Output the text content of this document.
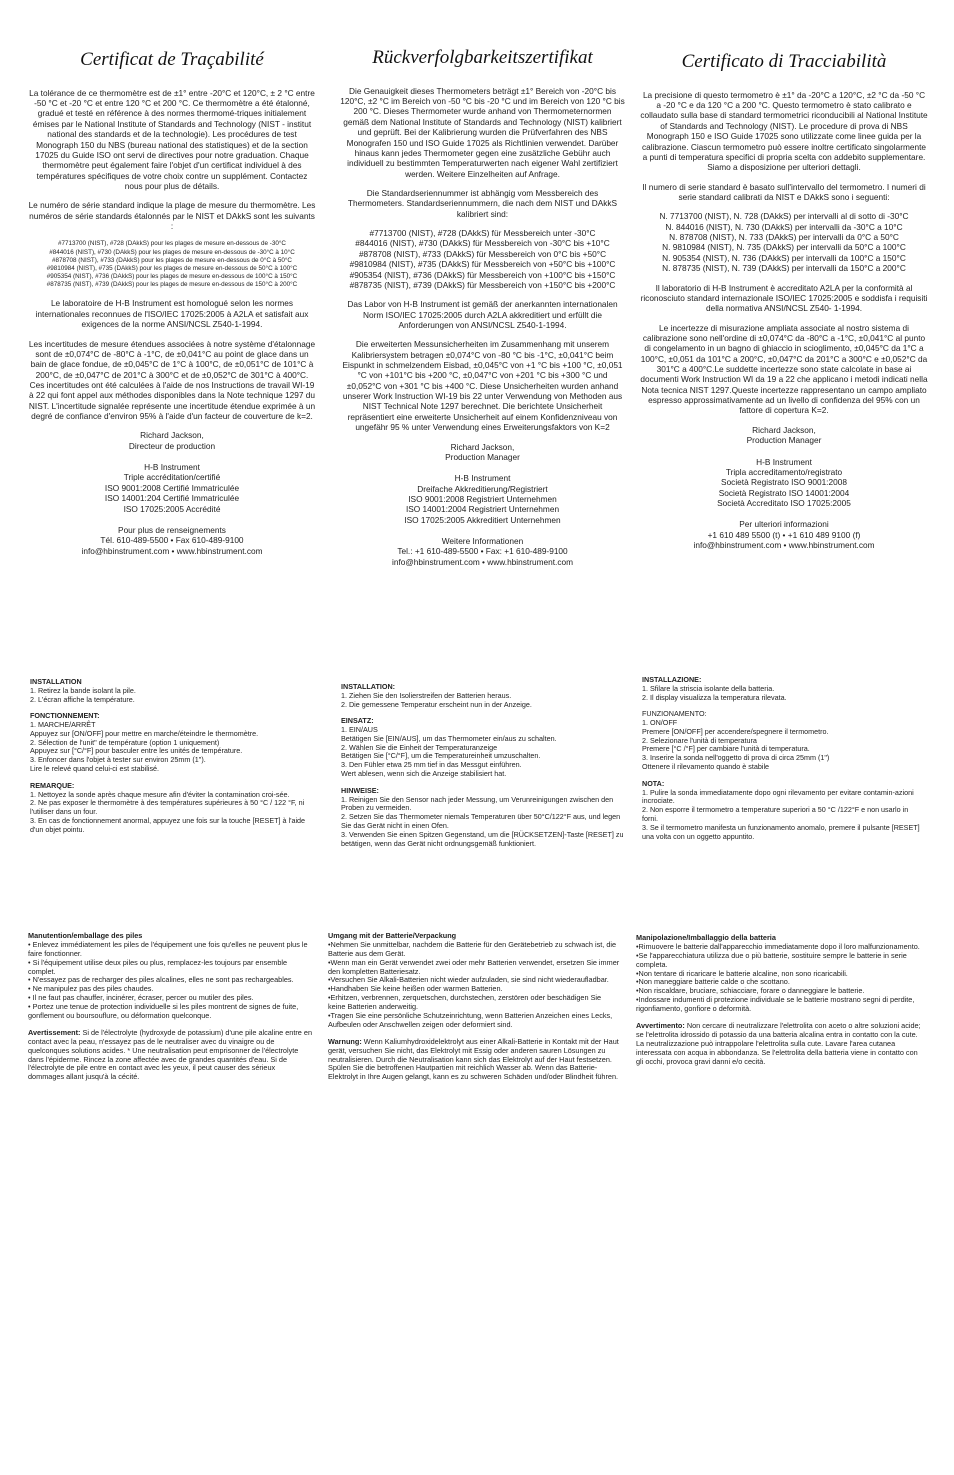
Certificat de Traçabilité

La tolérance de ce thermomètre est de ±1° entre -20°C et 120°C, ± 2 °C entre -50 °C et -20 °C et entre 120 °C et 200 °C. Ce thermomètre a été étalonné, gradué et testé en référence à des normes thermomé-triques initialement émises par le National Institute of Standards and Technology (NIST - institut national des standards et de la technologie). Les procédures de test Monograph 150 du NBS (bureau national des statistiques) et de la section 17025 du Guide ISO ont servi de directives pour notre graduation. Chaque thermomètre peut également faire l'objet d'un certificat individuel à des températures spécifiques de votre choix contre un supplément. Contactez nous pour plus de détails.

Le numéro de série standard indique la plage de mesure du thermomètre. Les numéros de série standards étalonnés par le NIST et DAkkS sont les suivants :

#7713700 (NIST), #728 (DAkkS) pour les plages de mesure en-dessous de -30°C
#844016 (NIST), #730 (DAkkS) pour les plages de mesure en-dessous de -30°C à 10°C
#878708 (NIST), #733 (DAkkS) pour les plages de mesure en-dessous de 0°C à 50°C
#9810984 (NIST), #735 (DAkkS) pour les plages de mesure en-dessous de 50°C à 100°C
#905354 (NIST), #736 (DAkkS) pour les plages de mesure en-dessous de 100°C à 150°C
#878735 (NIST), #739 (DAkkS) pour les plages de mesure en-dessous de 150°C à 200°C

Le laboratoire de H-B Instrument est homologué selon les normes internationales reconnues de l'ISO/IEC 17025:2005 à A2LA et satisfait aux exigences de la norme ANSI/NCSL Z540-1-1994.

Les incertitudes de mesure étendues associées à notre système d'étalonnage sont de ±0,074°C de -80°C à -1°C, de ±0,041°C au point de glace dans un bain de glace fondue, de ±0,045°C de 1°C à 100°C, de ±0,051°C de 101°C à 200°C, de ±0,047°C de 201°C à 300°C et de ±0,052°C de 301°C à 400°C. Ces incertitudes ont été calculées à l'aide de nos Instructions de travail WI-19 à 22 qui font appel aux méthodes disponibles dans la Note technique 1297 du NIST. L'incertitude signalée représente une incertitude étendue exprimée à un degré de confiance d'environ 95% à l'aide d'un facteur de couverture de k=2.

Richard Jackson,
Directeur de production
H-B Instrument
Triple accréditation/certifié
ISO 9001:2008 Certifié Immatriculée
ISO 14001:204 Certifié Immatriculée
ISO 17025:2005 Accrédité
Pour plus de renseignements
Tél. 610-489-5500 • Fax 610-489-9100
info@hbinstrument.com • www.hbinstrument.com
Rückverfolgbarkeitszertifikat

Die Genauigkeit dieses Thermometers beträgt ±1° Bereich von -20°C bis 120°C, ±2 °C im Bereich von -50 °C bis -20 °C und im Bereich von 120 °C bis 200 °C. Dieses Thermometer wurde anhand von Thermometernormen gemäß dem National Institute of Standards and Technology (NIST) kalibriert und geprüft. Bei der Kalibrierung wurden die Prüfverfahren des NBS Monografen 150 und ISO Guide 17025 als Richtlinien verwendet. Darüber hinaus kann jedes Thermometer gegen eine zusätzliche Gebühr auch individuell zu bestimmten Temperaturwerten nach eigener Wahl zertifiziert werden. Weitere Einzelheiten auf Anfrage.

Die Standardseriennummer ist abhängig vom Messbereich des Thermometers. Standardseriennummern, die nach dem NIST und DAkkS kalibriert sind:

#7713700 (NIST), #728 (DAkkS) für Messbereich unter -30°C
#844016 (NIST), #730 (DAkkS) für Messbereich von -30°C bis +10°C
#878708 (NIST), #733 (DAkkS) für Messbereich von 0°C bis +50°C
#9810984 (NIST), #735 (DAkkS) für Messbereich von +50°C bis +100°C
#905354 (NIST), #736 (DAkkS) für Messbereich von +100°C bis +150°C
#878735 (NIST), #739 (DAkkS) für Messbereich von +150°C bis +200°C

Das Labor von H-B Instrument ist gemäß der anerkannten internationalen Norm ISO/IEC 17025:2005 durch A2LA akkreditiert und erfüllt die Anforderungen von ANSI/NCSL Z540-1-1994.

Die erweiterten Messunsicherheiten im Zusammenhang mit unserem Kalibriersystem betragen ±0,074°C von -80 °C bis -1°C, ±0,041°C beim Eispunkt in schmelzendem Eisbad, ±0,045°C von +1 °C bis +100 °C, ±0,051 °C von +101°C bis +200 °C, ±0,047°C von +201 °C bis +300 °C und ±0,052°C von +301 °C bis +400 °C. Diese Unsicherheiten wurden anhand unserer Work Instruction WI-19 bis 22 unter Verwendung von Methoden aus NIST Technical Note 1297 berechnet. Die berichtete Unsicherheit repräsentiert eine erweiterte Unsicherheit auf einem Konfidenzniveau von ungefähr 95 % unter Verwendung eines Erweiterungsfaktors von K=2

Richard Jackson,
Production Manager
H-B Instrument
Dreifache Akkreditierung/Registriert
ISO 9001:2008 Registriert Unternehmen
ISO 14001:2004 Registriert Unternehmen
ISO 17025:2005 Akkreditiert Unternehmen
Weitere Informationen
Tel.: +1 610-489-5500 • Fax: +1 610-489-9100
info@hbinstrument.com • www.hbinstrument.com
Certificato di Tracciabilità

La precisione di questo termometro è ±1° da -20°C a 120°C, ±2 °C da -50 °C a -20 °C e da 120 °C a 200 °C. Questo termometro è stato calibrato e collaudato sulla base di standard termometrici riconducibili al National Institute of Standards and Technology (NIST). Le procedure di prova di NBS Monograph 150 e ISO Guide 17025 sono utilizzate come linee guida per la calibrazione. Ciascun termometro può essere inoltre certificato singolarmente a punti di temperatura specifici di propria scelta con addebito supplementare. Siamo a disposizione per ulteriori dettagli.

Il numero di serie standard è basato sull'intervallo del termometro. I numeri di serie standard calibrati da NIST e DAkkS sono i seguenti:

N. 7713700 (NIST), N. 728 (DAkkS) per intervalli al di sotto di -30°C
N. 844016 (NIST), N. 730 (DAkkS) per intervalli da -30°C a 10°C
N. 878708 (NIST), N. 733 (DAkkS) per intervalli da 0°C a 50°C
N. 9810984 (NIST), N. 735 (DAkkS) per intervalli da 50°C a 100°C
N. 905354 (NIST), N. 736 (DAkkS) per intervalli da 100°C a 150°C
N. 878735 (NIST), N. 739 (DAkkS) per intervalli da 150°C a 200°C

Il laboratorio di H-B Instrument è accreditato A2LA per la conformità al riconosciuto standard internazionale ISO/IEC 17025:2005 e soddisfa i requisiti della normativa ANSI/NCSL Z540- 1-1994.

Le incertezze di misurazione ampliata associate al nostro sistema di calibrazione sono nell'ordine di ±0,074°C da -80°C a -1°C, ±0,041°C al punto di congelamento in un bagno di ghiaccio in scioglimento, ±0,045°C da 1°C a 100°C, ±0,051 da 101°C a 200°C, ±0,047°C da 201°C a 300°C e ±0,052°C da 301°C a 400°C.Le suddette incertezze sono state calcolate in base ai documenti Work Instruction WI da 19 a 22 che applicano i metodi indicati nella Nota tecnica NIST 1297.Queste incertezze rappresentano un campo ampliato espresso approssimativamente ad un livello di confidenza del 95% con un fattore di copertura K=2.

Richard Jackson,
Production Manager
H-B Instrument
Tripla accreditamento/registrato
Società Registrato ISO 9001:2008
Società Registrato ISO 14001:2004
Società Accreditato ISO 17025:2005
Per ulteriori informazioni
+1 610 489 5500 (t) • +1 610 489 9100 (f)
info@hbinstrument.com • www.hbinstrument.com
INSTALLATION
1. Retirez la bande isolant la pile.
2. L'écran affiche la température.
FONCTIONNEMENT:
1. MARCHE/ARRÊT
Appuyez sur [ON/OFF] pour mettre en marche/éteindre le thermomètre.
2. Sélection de l'unit" de température (option 1 uniquement)
Appuyez sur [°C/°F] pour basculer entre les unités de température.
3. Enfoncer dans l'objet à tester sur environ 25mm (1").
Lire le relevé quand celui-ci est stabilisé.
REMARQUE:
1. Nettoyez la sonde après chaque mesure afin d'éviter la contamination croi-sée.
2. Ne pas exposer le thermomètre à des températures supérieures à 50 °C / 122 °F, ni l'utiliser dans un four.
3. En cas de fonctionnement anormal, appuyez une fois sur la touche [RESET] à l'aide d'un objet pointu.
INSTALLATION:
1. Ziehen Sie den Isolierstreifen der Batterien heraus.
2. Die gemessene Temperatur erscheint nun in der Anzeige.
EINSATZ:
1. EIN/AUS
Betätigen Sie [EIN/AUS], um das Thermometer ein/aus zu schalten.
2. Wählen Sie die Einheit der Temperaturanzeige
Betätigen Sie [°C/°F], um die Temperatureinheit umzuschalten.
3. Den Fühler etwa 25 mm tief in das Messgut einführen.
Wert ablesen, wenn sich die Anzeige stabilisiert hat.
HINWEISE:
1. Reinigen Sie den Sensor nach jeder Messung, um Verunreinigungen zwischen den Proben zu vermeiden.
2. Setzen Sie das Thermometer niemals Temperaturen über 50°C/122°F aus, und legen Sie das Gerät nicht in einen Ofen.
3. Verwenden Sie einen Spitzen Gegenstand, um die [RÜCKSETZEN]-Taste [RESET] zu betätigen, wenn das Gerät nicht ordnungsgemäß funktioniert.
INSTALLAZIONE:
1. Sfilare la striscia isolante della batteria.
2. Il display visualizza la temperatura rilevata.
FUNZIONAMENTO:
1. ON/OFF
Premere [ON/OFF] per accendere/spegnere il termometro.
2. Selezionare l'unità di temperatura
Premere [°C /°F] per cambiare l'unità di temperatura.
3. Inserire la sonda nell'oggetto di prova di circa 25mm (1")
Ottenere il rilevamento quando è stabile
NOTA:
1. Pulire la sonda immediatamente dopo ogni rilevamento per evitare contamin-azioni incrociate.
2. Non esporre il termometro a temperature superiori a 50 °C /122°F e non usarlo in forni.
3. Se il termometro manifesta un funzionamento anomalo, premere il pulsante [RESET] una volta con un oggetto appuntito.
Manutention/emballage des piles
• Enlevez immédiatement les piles de l'équipement une fois qu'elles ne peuvent plus le faire fonctionner.
• Si l'équipement utilise deux piles ou plus, remplacez-les toujours par ensemble complet.
• N'essayez pas de recharger des piles alcalines, elles ne sont pas rechargeables.
• Ne manipulez pas des piles chaudes.
• Il ne faut pas chauffer, incinérer, écraser, percer ou mutiler des piles.
• Portez une tenue de protection individuelle si les piles montrent de signes de fuite, gonflement ou boursouflure, ou déformation quelconque.

Avertissement: Si de l'électrolyte (hydroxyde de potassium) d'une pile alcaline entre en contact avec la peau, n'essayez pas de le neutraliser avec du vinaigre ou de quelconques solutions acides. * Une neutralisation peut emprisonner de l'électrolyte dans l'épiderme. Rincez la zone affectée avec de grandes quantités d'eau. Si de l'électrolyte de pile entre en contact avec les yeux, il peut causer des sérieux dommages allant jusqu'à la cécité.

Umgang mit der Batterie/Verpackung
•Nehmen Sie unmittelbar, nachdem die Batterie für den Gerätebetrieb zu schwach ist, die Batterie aus dem Gerät.
•Wenn man ein Gerät verwendet zwei oder mehr Batterien verwendet, ersetzen Sie immer den kompletten Batteriesatz.
•Versuchen Sie Alkali-Batterien nicht wieder aufzuladen, sie sind nicht wiederaufladbar.
•Handhaben Sie keine heißen oder warmen Batterien.
•Erhitzen, verbrennen, zerquetschen, durchstechen, zerstören oder beschädigen Sie keine Batterien anderweitig.
•Tragen Sie eine persönliche Schutzeinrichtung, wenn Batterien Anzeichen eines Lecks, Aufbeulen oder Anschwellen zeigen oder deformiert sind.

Warnung: Wenn Kaliumhydroxidelektrolyt aus einer Alkali-Batterie in Kontakt mit der Haut gerät, versuchen Sie nicht, das Elektrolyt mit Essig oder anderen sauren Lösungen zu neutralisieren. Durch die Neutralisation kann sich das Elektrolyt auf der Haut festsetzen. Spülen Sie die betroffenen Hautpartien mit reichlich Wasser ab. Wenn das Batterie-Elektrolyt in Ihre Augen gelangt, kann es zu schweren Schäden und/oder Blindheit führen.

Manipolazione/Imballaggio della batteria
•Rimuovere le batterie dall'apparecchio immediatamente dopo il loro malfunzionamento.
•Se l'apparecchiatura utilizza due o più batterie, sostituire sempre le batterie in serie completa.
•Non tentare di ricaricare le batterie alcaline, non sono ricaricabili.
•Non maneggiare batterie calde o che scottano.
•Non riscaldare, bruciare, schiacciare, forare o danneggiare le batterie.
•Indossare indumenti di protezione individuale se le batterie mostrano segni di perdite, rigonfiamento, gonfiore o deformità.

Avvertimento: Non cercare di neutralizzare l'elettrolita con aceto o altre soluzioni acide; se l'elettrolita idrossido di potassio da una batteria alcalina entra in contatto con la cute. La neutralizzazione può intrappolare l'elettrolita sulla cute. Lavare l'area cutanea interessata con acqua in abbondanza. Se l'elettrolita della batteria viene in contatto con gli occhi, provoca gravi danni e/o cecità.
